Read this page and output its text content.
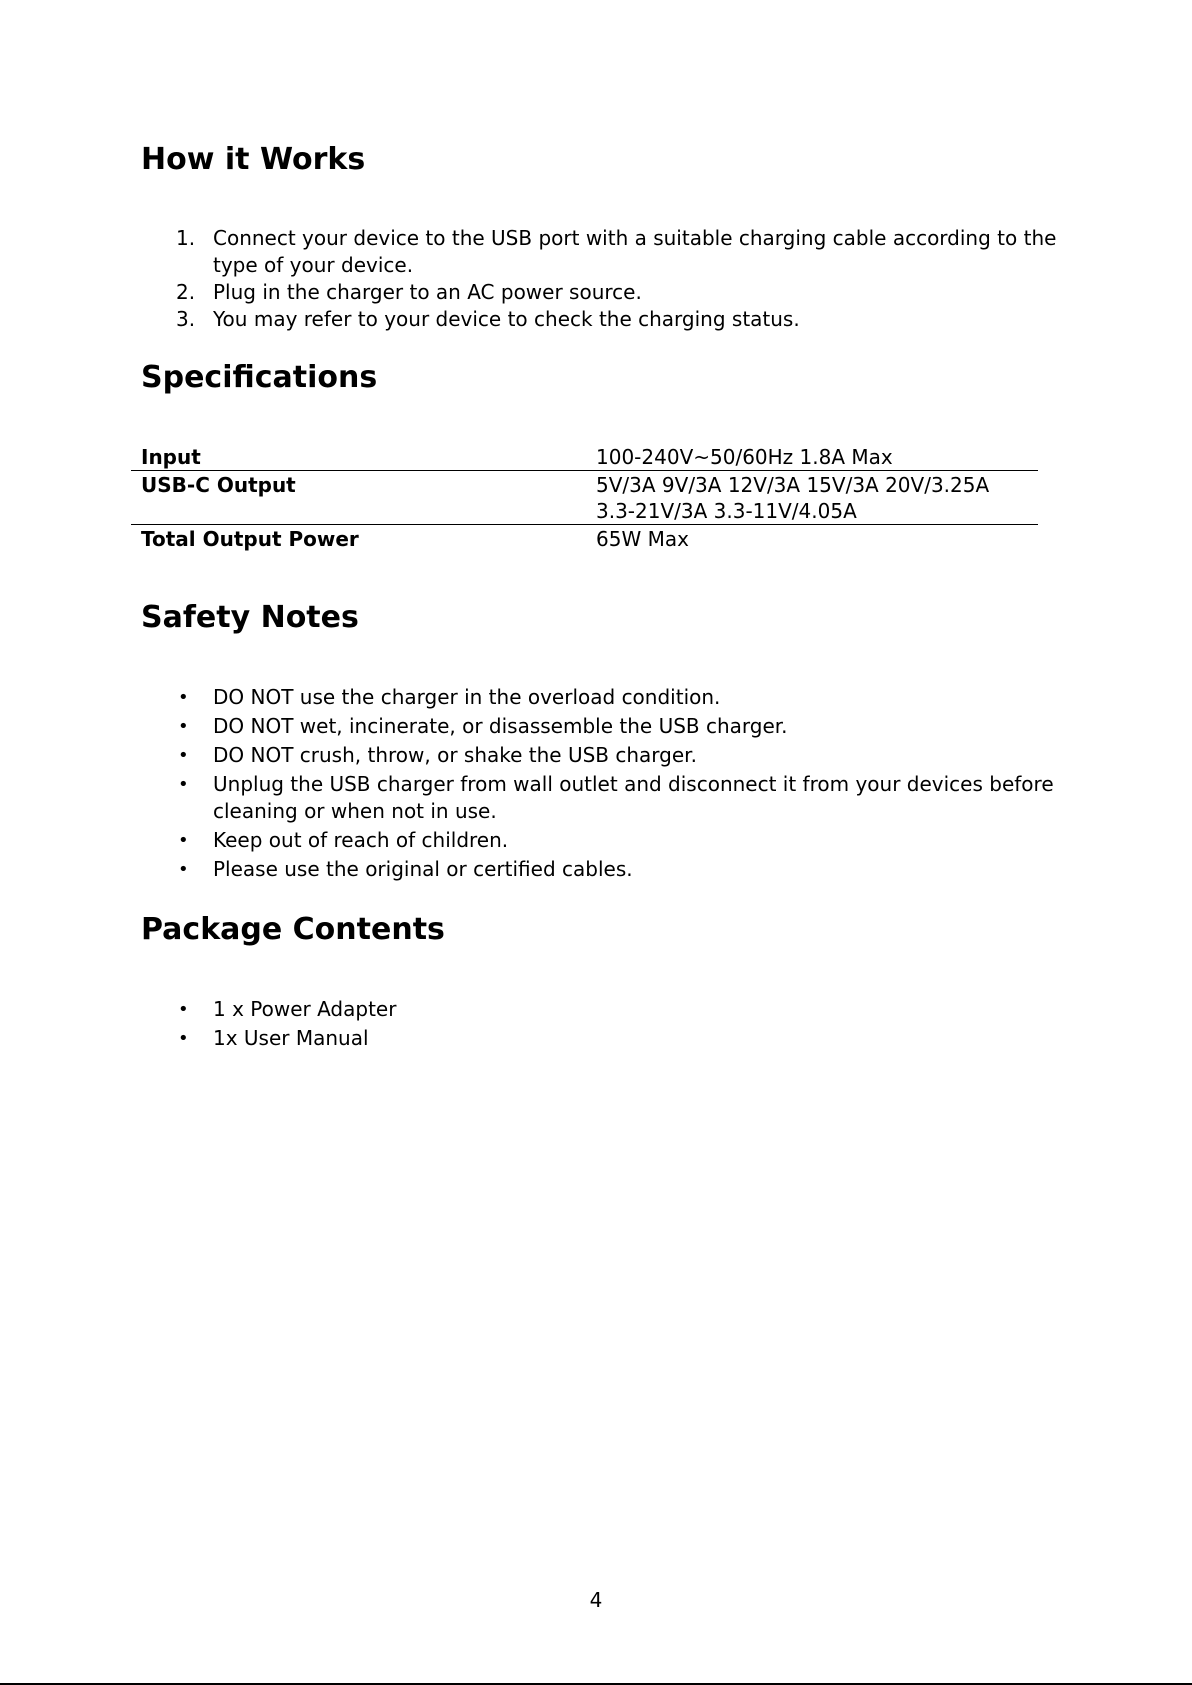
How it Works
1. Connect your device to the USB port with a suitable charging cable according to the type of your device.
2. Plug in the charger to an AC power source.
3. You may refer to your device to check the charging status.
Specifications
Input	100-240V~50/60Hz 1.8A Max
USB-C Output	5V/3A 9V/3A 12V/3A 15V/3A 20V/3.25A
3.3-21V/3A 3.3-11V/4.05A

Total Output Power	65W Max
Safety Notes
• DO NOT use the charger in the overload condition.
• DO NOT wet, incinerate, or disassemble the USB charger.
• DO NOT crush, throw, or shake the USB charger.
• Unplug the USB charger from wall outlet and disconnect it from your devices before cleaning or when not in use.
• Keep out of reach of children.
• Please use the original or certified cables.
Package Contents
• 1 x Power Adapter
• 1x User Manual
4
